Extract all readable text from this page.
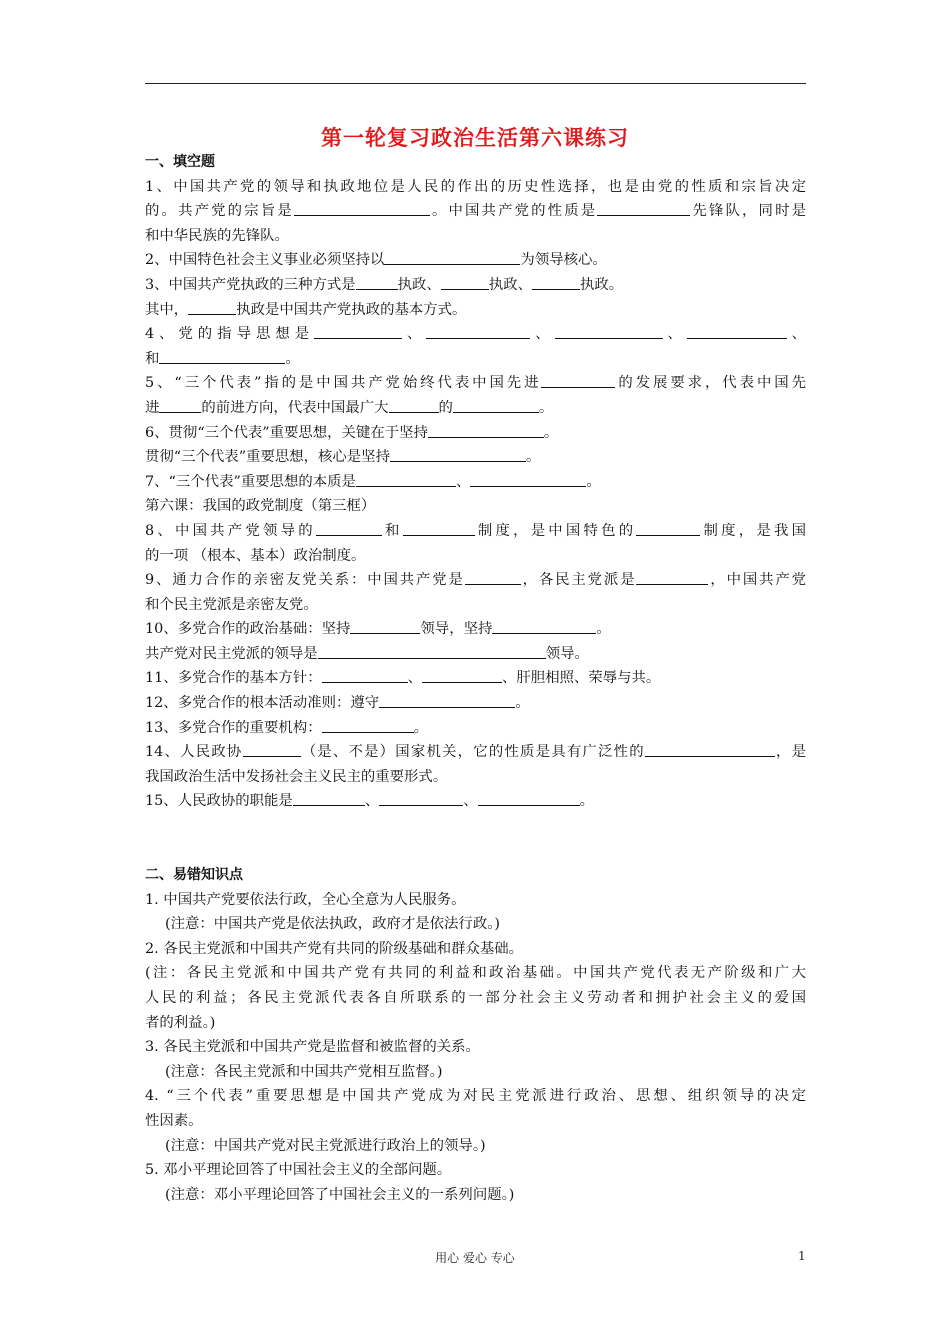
第一轮复习政治生活第六课练习
一、填空题
1、中国共产党的领导和执政地位是人民的作出的历史性选择，也是由党的性质和宗旨决定
的。共产党的宗旨是	。中国共产党的性质是	先锋队，同时是
和中华民族的先锋队。
2、中国特色社会主义事业必须坚持以	为领导核心。
3、中国共产党执政的三种方式是	执政、	执政、	执政。
其中，	执政是中国共产党执政的基本方式。
4 、 党 的 指 导 思 想 是	、	、	、	、
和	。
5、“三个代表”指的是中国共产党始终代表中国先进	的发展要求，代表中国先
进	的前进方向，代表中国最广大	的	。
6、贯彻“三个代表”重要思想，关键在于坚持	。
贯彻“三个代表”重要思想，核心是坚持	。
7、“三个代表”重要思想的本质是	、	。
第六课：我国的政党制度（第三框）
8、中国共产党领导的	和	制度，是中国特色的	制度，是我国
的一项 （根本、基本）政治制度。
9、通力合作的亲密友党关系：中国共产党是	，各民主党派是	，中国共产党
和个民主党派是亲密友党。
10、多党合作的政治基础：坚持	领导，坚持	。
共产党对民主党派的领导是	领导。
11、多党合作的基本方针：	、	、肝胆相照、荣辱与共。
12、多党合作的根本活动准则：遵守	。
13、多党合作的重要机构：	。
14、人民政协	（是、不是）国家机关，它的性质是具有广泛性的	，是
我国政治生活中发扬社会主义民主的重要形式。
15、人民政协的职能是	、	、	。
二、易错知识点
1. 中国共产党要依法行政，全心全意为人民服务。
(注意：中国共产党是依法执政，政府才是依法行政。)
2. 各民主党派和中国共产党有共同的阶级基础和群众基础。
(注：各民主党派和中国共产党有共同的利益和政治基础。中国共产党代表无产阶级和广大
人民的利益；各民主党派代表各自所联系的一部分社会主义劳动者和拥护社会主义的爱国
者的利益。)
3. 各民主党派和中国共产党是监督和被监督的关系。
(注意：各民主党派和中国共产党相互监督。)
4. “三个代表”重要思想是中国共产党成为对民主党派进行政治、思想、组织领导的决定
性因素。
(注意：中国共产党对民主党派进行政治上的领导。)
5. 邓小平理论回答了中国社会主义的全部问题。
(注意：邓小平理论回答了中国社会主义的一系列问题。)
用心 爱心 专心	1
